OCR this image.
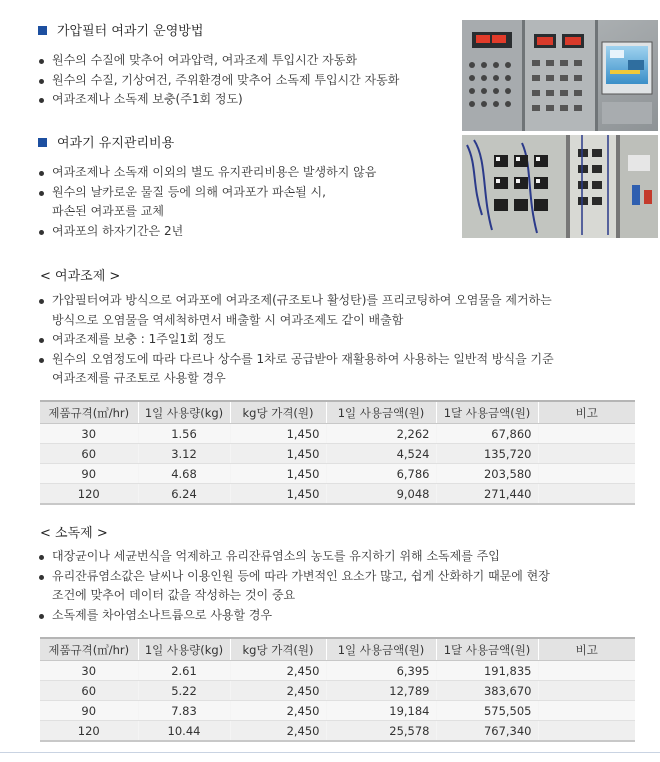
가압필터 여과기 운영방법
원수의 수질에 맞추어 여과압력, 여과조제 투입시간 자동화
원수의 수질, 기상여건, 주위환경에 맞추어 소독제 투입시간 자동화
여과조제나 소독제 보충(주1회 정도)
여과기 유지관리비용
여과조제나 소독재 이외의 별도 유지관리비용은 발생하지 않음
원수의 날카로운 물질 등에 의해 여과포가 파손될 시,
파손된 여과포를 교체
여과포의 하자기간은 2년
< 여과조제 >
가압필터여과 방식으로 여과포에 여과조제(규조토나 활성탄)를 프리코팅하여 오염물을 제거하는
방식으로 오염물을 역세척하면서 배출할 시 여과조제도 같이 배출함
여과조제를 보충 : 1주일1회 정도
원수의 오염정도에 따라 다르나 상수를 1차로 공급받아 재활용하여 사용하는 일반적 방식을 기준
여과조제를 규조토로 사용할 경우
제품규격(㎥/hr)	1일 사용량(kg)	kg당 가격(원)	1일 사용금액(원)	1달 사용금액(원)	비고
30	1.56	1,450	2,262	67,860	
60	3.12	1,450	4,524	135,720	
90	4.68	1,450	6,786	203,580	
120	6.24	1,450	9,048	271,440	
< 소독제 >
대장균이나 세균번식을 억제하고 유리잔류염소의 농도를 유지하기 위해 소독제를 주입
유리잔류염소값은 날씨나 이용인원 등에 따라 가변적인 요소가 많고, 쉽게 산화하기 때문에 현장
조건에 맞추어 데이터 값을 작성하는 것이 중요
소독제를 차아염소나트륨으로 사용할 경우
제품규격(㎥/hr)	1일 사용량(kg)	kg당 가격(원)	1일 사용금액(원)	1달 사용금액(원)	비고
30	2.61	2,450	6,395	191,835	
60	5.22	2,450	12,789	383,670	
90	7.83	2,450	19,184	575,505	
120	10.44	2,450	25,578	767,340	
